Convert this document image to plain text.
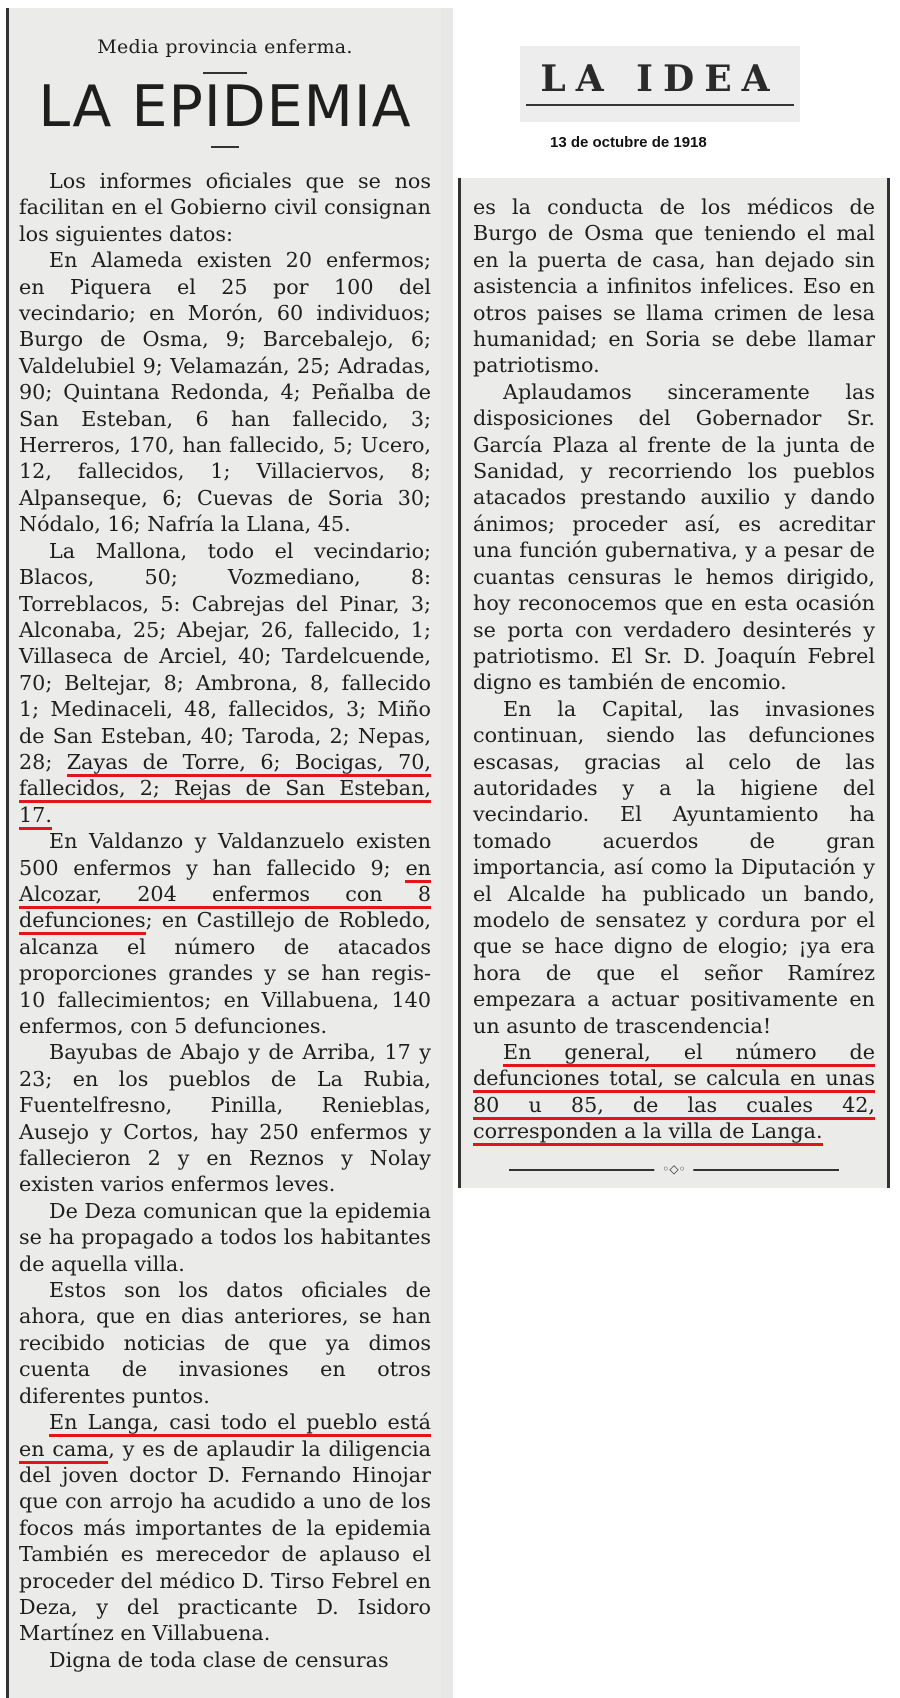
Media provincia enferma.
LA EPIDEMIA

Los informes oficiales que se nos facilitan en el Gobierno civil consignan los siguientes datos:

En Alameda existen 20 enfermos; en Piquera el 25 por 100 del vecindario; en Morón, 60 individuos; Burgo de Osma, 9; Barcebalejo, 6; Valdelubiel 9; Velamazán, 25; Adradas, 90; Quintana Redonda, 4; Peñalba de San Esteban, 6 han fallecido, 3; Herreros, 170, han fallecido, 5; Ucero, 12, fallecidos, 1; Villaciervos, 8; Alpanseque, 6; Cuevas de Soria 30; Nódalo, 16; Nafría la Llana, 45.

La Mallona, todo el vecindario; Blacos, 50; Vozmediano, 8: Torreblacos, 5: Cabrejas del Pinar, 3; Alconaba, 25; Abejar, 26, fallecido, 1; Villaseca de Arciel, 40; Tardelcuende, 70; Beltejar, 8; Ambrona, 8, fallecido 1; Medinaceli, 48, fallecidos, 3; Miño de San Esteban, 40; Taroda, 2; Nepas, 28; Zayas de Torre, 6; Bocigas, 70, fallecidos, 2; Rejas de San Esteban, 17.

En Valdanzo y Valdanzuelo existen 500 enfermos y han fallecido 9; en Alcozar, 204 enfermos con 8 defunciones; en Castillejo de Robledo, alcanza el número de atacados proporciones grandes y se han regis- 10 fallecimientos; en Villabuena, 140 enfermos, con 5 defunciones.

Bayubas de Abajo y de Arriba, 17 y 23; en los pueblos de La Rubia, Fuentelfresno, Pinilla, Renieblas, Ausejo y Cortos, hay 250 enfermos y fallecieron 2 y en Reznos y Nolay existen varios enfermos leves.

De Deza comunican que la epidemia se ha propagado a todos los habitantes de aquella villa.

Estos son los datos oficiales de ahora, que en dias anteriores, se han recibido noticias de que ya dimos cuenta de invasiones en otros diferentes puntos.

En Langa, casi todo el pueblo está en cama, y es de aplaudir la diligencia del joven doctor D. Fernando Hinojar que con arrojo ha acudido a uno de los focos más importantes de la epidemia También es merecedor de aplauso el proceder del médico D. Tirso Febrel en Deza, y del practicante D. Isidoro Martínez en Villabuena.

Digna de toda clase de censuras

LA IDEA
13 de octubre de 1918

es la conducta de los médicos de Burgo de Osma que teniendo el mal en la puerta de casa, han dejado sin asistencia a infinitos infelices. Eso en otros paises se llama crimen de lesa humanidad; en Soria se debe llamar patriotismo.

Aplaudamos sinceramente las disposiciones del Gobernador Sr. García Plaza al frente de la junta de Sanidad, y recorriendo los pueblos atacados prestando auxilio y dando ánimos; proceder así, es acreditar una función gubernativa, y a pesar de cuantas censuras le hemos dirigido, hoy reconocemos que en esta ocasión se porta con verdadero desinterés y patriotismo. El Sr. D. Joaquín Febrel digno es también de encomio.

En la Capital, las invasiones continuan, siendo las defunciones escasas, gracias al celo de las autoridades y a la higiene del vecindario. El Ayuntamiento ha tomado acuerdos de gran importancia, así como la Diputación y el Alcalde ha publicado un bando, modelo de sensatez y cordura por el que se hace digno de elogio; ¡ya era hora de que el señor Ramírez empezara a actuar positivamente en un asunto de trascendencia!

En general, el número de defunciones total, se calcula en unas 80 u 85, de las cuales 42, corresponden a la villa de Langa.

◦◇◦
